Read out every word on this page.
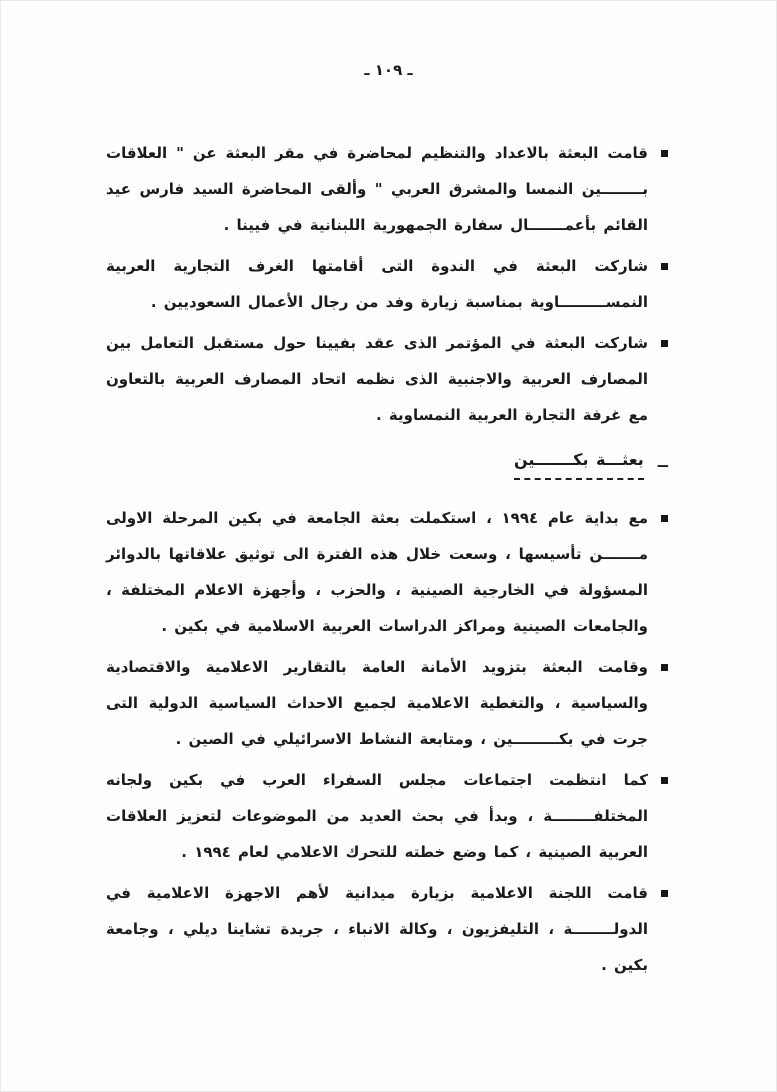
ـ ١٠٩ ـ

قامت البعثة بالاعداد والتنظيم لمحاضرة في مقر البعثة عن " العلاقات بــــــــين النمسا والمشرق العربي " وألقى المحاضرة السيد فارس عيد القائم بأعمـــــــال سفارة الجمهورية اللبنانية في فيينا .

شاركت البعثة في الندوة التى أقامتها الغرف التجارية العربية النمســـــــــاوية بمناسبة زيارة وفد من رجال الأعمال السعوديين .

شاركت البعثة في المؤتمر الذى عقد بفيينا حول مستقبل التعامل بين المصارف العربية والاجنبية الذى نظمه اتحاد المصارف العربية بالتعاون مع غرفة التجارة العربية النمساوية .

ــ
بعثـــة بكـــــــين

مع بداية عام ١٩٩٤ ، استكملت بعثة الجامعة في بكين المرحلة الاولى مـــــــن تأسيسها ، وسعت خلال هذه الفترة الى توثيق علاقاتها بالدوائر المسؤولة في الخارجية الصينية ، والحزب ، وأجهزة الاعلام المختلفة ، والجامعات الصينية ومراكز الدراسات العربية الاسلامية في بكين .

وقامت البعثة بتزويد الأمانة العامة بالتقارير الاعلامية والاقتصادية والسياسية ، والتغطية الاعلامية لجميع الاحداث السياسية الدولية التى جرت في بكـــــــــين ، ومتابعة النشاط الاسرائيلي في الصين .

كما انتظمت اجتماعات مجلس السفراء العرب في بكين ولجانه المختلفــــــــة ، وبدأ في بحث العديد من الموضوعات لتعزيز العلاقات العربية الصينية ، كما وضع خطته للتحرك الاعلامي لعام ١٩٩٤ .

قامت اللجنة الاعلامية بزيارة ميدانية لأهم الاجهزة الاعلامية في الدولــــــــة ، التليفزيون ، وكالة الانباء ، جريدة تشاينا ديلي ، وجامعة بكين .
